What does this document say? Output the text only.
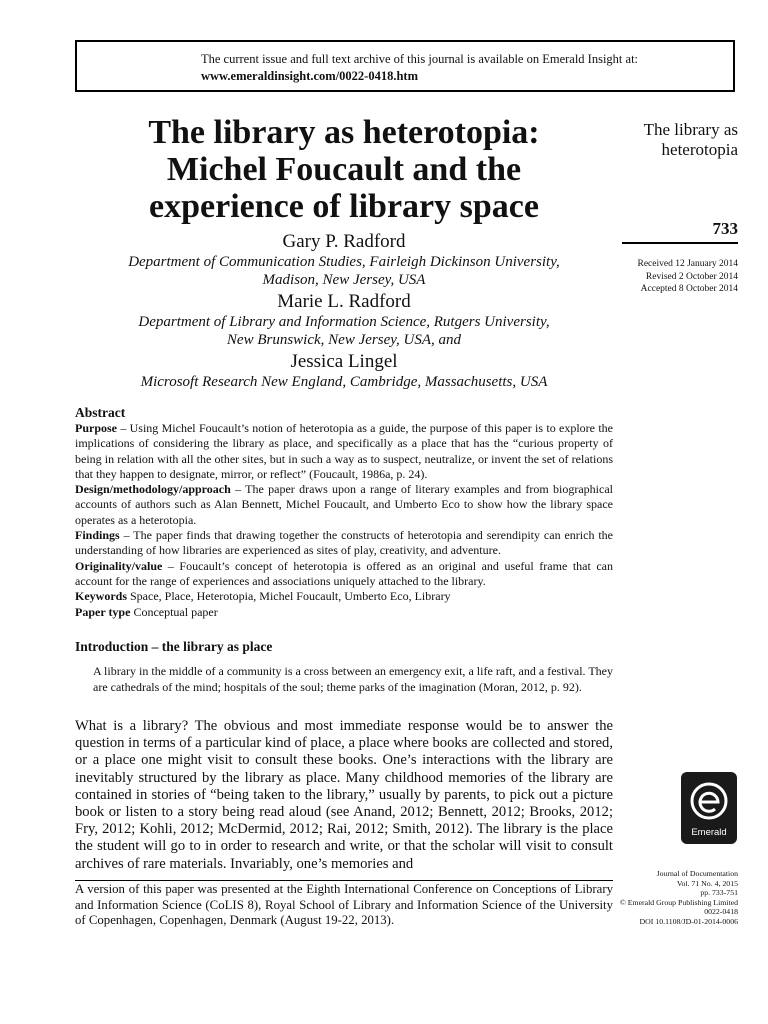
The current issue and full text archive of this journal is available on Emerald Insight at:
www.emeraldinsight.com/0022-0418.htm
The library as heterotopia:
Michel Foucault and the
experience of library space
Gary P. Radford
Department of Communication Studies, Fairleigh Dickinson University,
Madison, New Jersey, USA
Marie L. Radford
Department of Library and Information Science, Rutgers University,
New Brunswick, New Jersey, USA, and
Jessica Lingel
Microsoft Research New England, Cambridge, Massachusetts, USA
The library as
heterotopia
733
Received 12 January 2014
Revised 2 October 2014
Accepted 8 October 2014
Abstract

Purpose – Using Michel Foucault’s notion of heterotopia as a guide, the purpose of this paper is to explore the implications of considering the library as place, and specifically as a place that has the “curious property of being in relation with all the other sites, but in such a way as to suspect, neutralize, or invent the set of relations that they happen to designate, mirror, or reflect” (Foucault, 1986a, p. 24).

Design/methodology/approach – The paper draws upon a range of literary examples and from biographical accounts of authors such as Alan Bennett, Michel Foucault, and Umberto Eco to show how the library space operates as a heterotopia.

Findings – The paper finds that drawing together the constructs of heterotopia and serendipity can enrich the understanding of how libraries are experienced as sites of play, creativity, and adventure.

Originality/value – Foucault’s concept of heterotopia is offered as an original and useful frame that can account for the range of experiences and associations uniquely attached to the library.

Keywords Space, Place, Heterotopia, Michel Foucault, Umberto Eco, Library

Paper type Conceptual paper

Introduction – the library as place
A library in the middle of a community is a cross between an emergency exit, a life raft, and a festival. They are cathedrals of the mind; hospitals of the soul; theme parks of the imagination (Moran, 2012, p. 92).
What is a library? The obvious and most immediate response would be to answer the question in terms of a particular kind of place, a place where books are collected and stored, or a place one might visit to consult these books. One’s interactions with the library are inevitably structured by the library as place. Many childhood memories of the library are contained in stories of “being taken to the library,” usually by parents, to pick out a picture book or listen to a story being read aloud (see Anand, 2012; Bennett, 2012; Brooks, 2012; Fry, 2012; Kohli, 2012; McDermid, 2012; Rai, 2012; Smith, 2012). The library is the place the student will go to in order to research and write, or that the scholar will visit to consult archives of rare materials. Invariably, one’s memories and
Emerald
A version of this paper was presented at the Eighth International Conference on Conceptions of Library and Information Science (CoLIS 8), Royal School of Library and Information Science of the University of Copenhagen, Copenhagen, Denmark (August 19-22, 2013).
Journal of Documentation
Vol. 71 No. 4, 2015
pp. 733-751
© Emerald Group Publishing Limited
0022-0418
DOI 10.1108/JD-01-2014-0006
